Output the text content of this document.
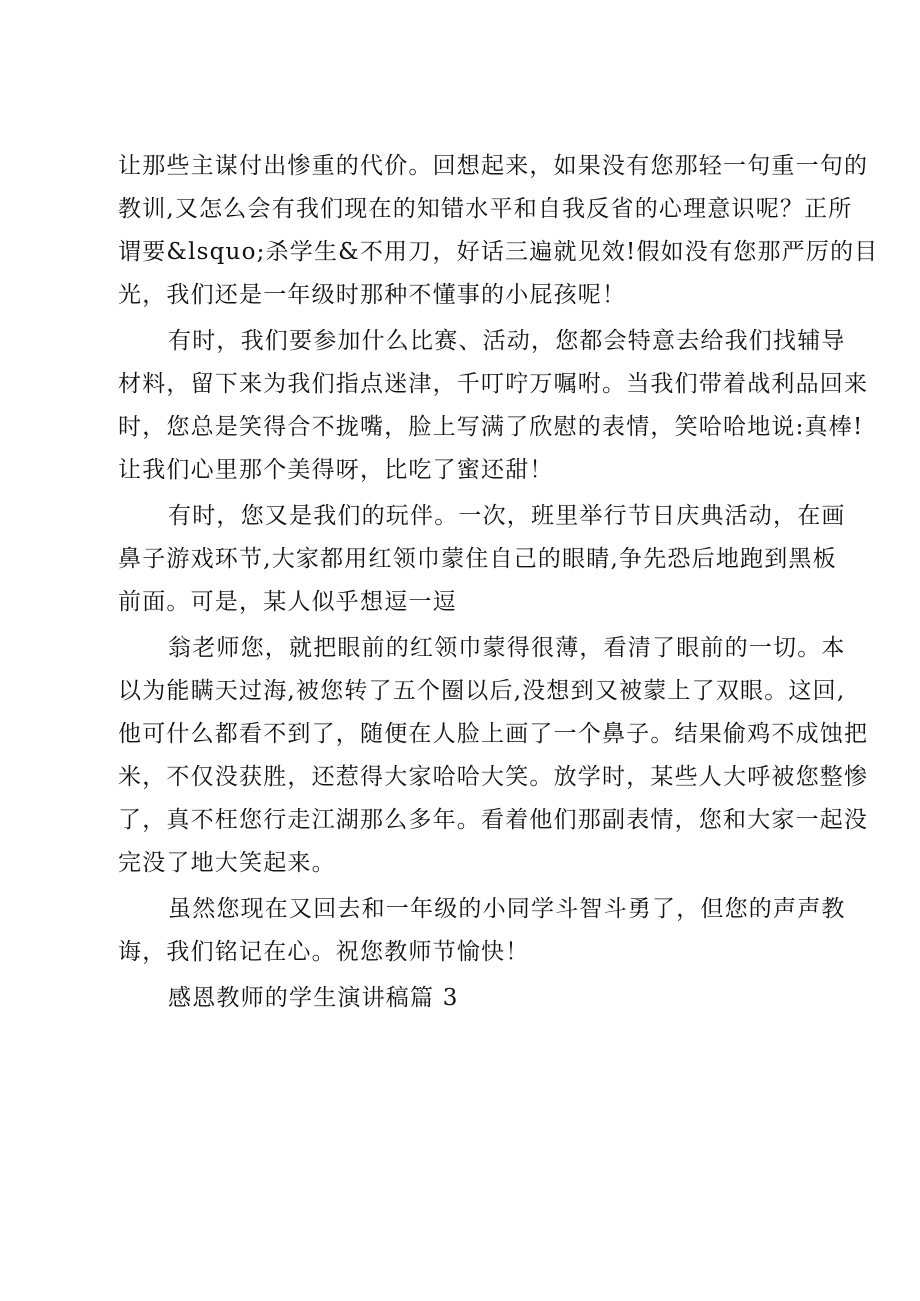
让那些主谋付出惨重的代价。回想起来，如果没有您那轻一句重一句的
教训,又怎么会有我们现在的知错水平和自我反省的心理意识呢？正所
谓要&lsquo;杀学生&不用刀，好话三遍就见效!假如没有您那严厉的目
光，我们还是一年级时那种不懂事的小屁孩呢！
有时，我们要参加什么比赛、活动，您都会特意去给我们找辅导
材料，留下来为我们指点迷津，千叮咛万嘱咐。当我们带着战利品回来
时，您总是笑得合不拢嘴，脸上写满了欣慰的表情，笑哈哈地说:真棒!
让我们心里那个美得呀，比吃了蜜还甜！
有时，您又是我们的玩伴。一次，班里举行节日庆典活动，在画
鼻子游戏环节,大家都用红领巾蒙住自己的眼睛,争先恐后地跑到黑板
前面。可是，某人似乎想逗一逗
翁老师您，就把眼前的红领巾蒙得很薄，看清了眼前的一切。本
以为能瞒天过海,被您转了五个圈以后,没想到又被蒙上了双眼。这回,
他可什么都看不到了，随便在人脸上画了一个鼻子。结果偷鸡不成蚀把
米，不仅没获胜，还惹得大家哈哈大笑。放学时，某些人大呼被您整惨
了，真不枉您行走江湖那么多年。看着他们那副表情，您和大家一起没
完没了地大笑起来。
虽然您现在又回去和一年级的小同学斗智斗勇了，但您的声声教
诲，我们铭记在心。祝您教师节愉快！
感恩教师的学生演讲稿篇 3
